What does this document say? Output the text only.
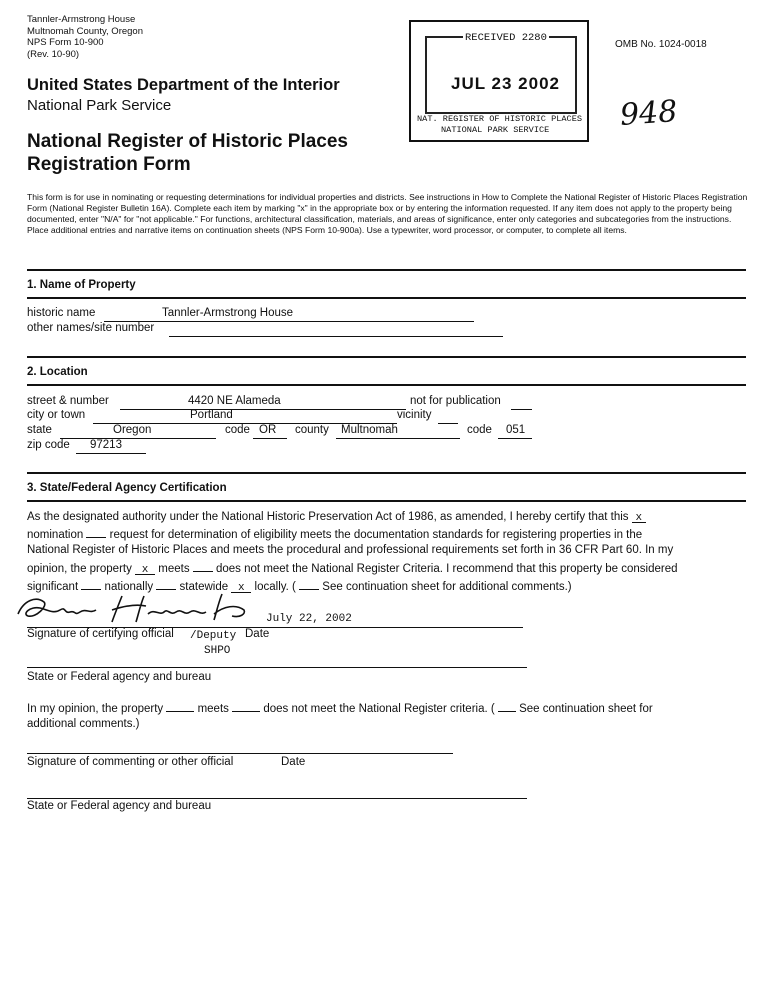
Tannler-Armstrong House
Multnomah County, Oregon
NPS Form 10-900
(Rev. 10-90)
OMB No. 1024-0018
RECEIVED 2280
JUL 23 2002
NAT. REGISTER OF HISTORIC PLACES
NATIONAL PARK SERVICE 948
United States Department of the Interior
National Park Service
National Register of Historic Places
Registration Form
This form is for use in nominating or requesting determinations for individual properties and districts. See instructions in How to Complete the National Register of Historic Places Registration Form (National Register Bulletin 16A). Complete each item by marking "x" in the appropriate box or by entering the information requested. If any item does not apply to the property being documented, enter "N/A" for "not applicable." For functions, architectural classification, materials, and areas of significance, enter only categories and subcategories from the instructions. Place additional entries and narrative items on continuation sheets (NPS Form 10-900a). Use a typewriter, word processor, or computer, to complete all items.
1. Name of Property
historic name	Tannler-Armstrong House
other names/site number
2. Location
street & number	4420 NE Alameda	not for publication
city or town	Portland	vicinity
state	Oregon	code OR county Multnomah	code 051
zip code 97213
3. State/Federal Agency Certification
As the designated authority under the National Historic Preservation Act of 1986, as amended, I hereby certify that this x
nomination request for determination of eligibility meets the documentation standards for registering properties in the
National Register of Historic Places and meets the procedural and professional requirements set forth in 36 CFR Part 60. In my
opinion, the property x meets does not meet the National Register Criteria. I recommend that this property be considered
significant nationally statewide x locally. ( See continuation sheet for additional comments.)
July 22, 2002
Signature of certifying official /Deputy Date
SHPO
State or Federal agency and bureau
In my opinion, the property	meets	does not meet the National Register criteria. ( See continuation sheet for
additional comments.)
Signature of commenting or other official	Date
State or Federal agency and bureau
